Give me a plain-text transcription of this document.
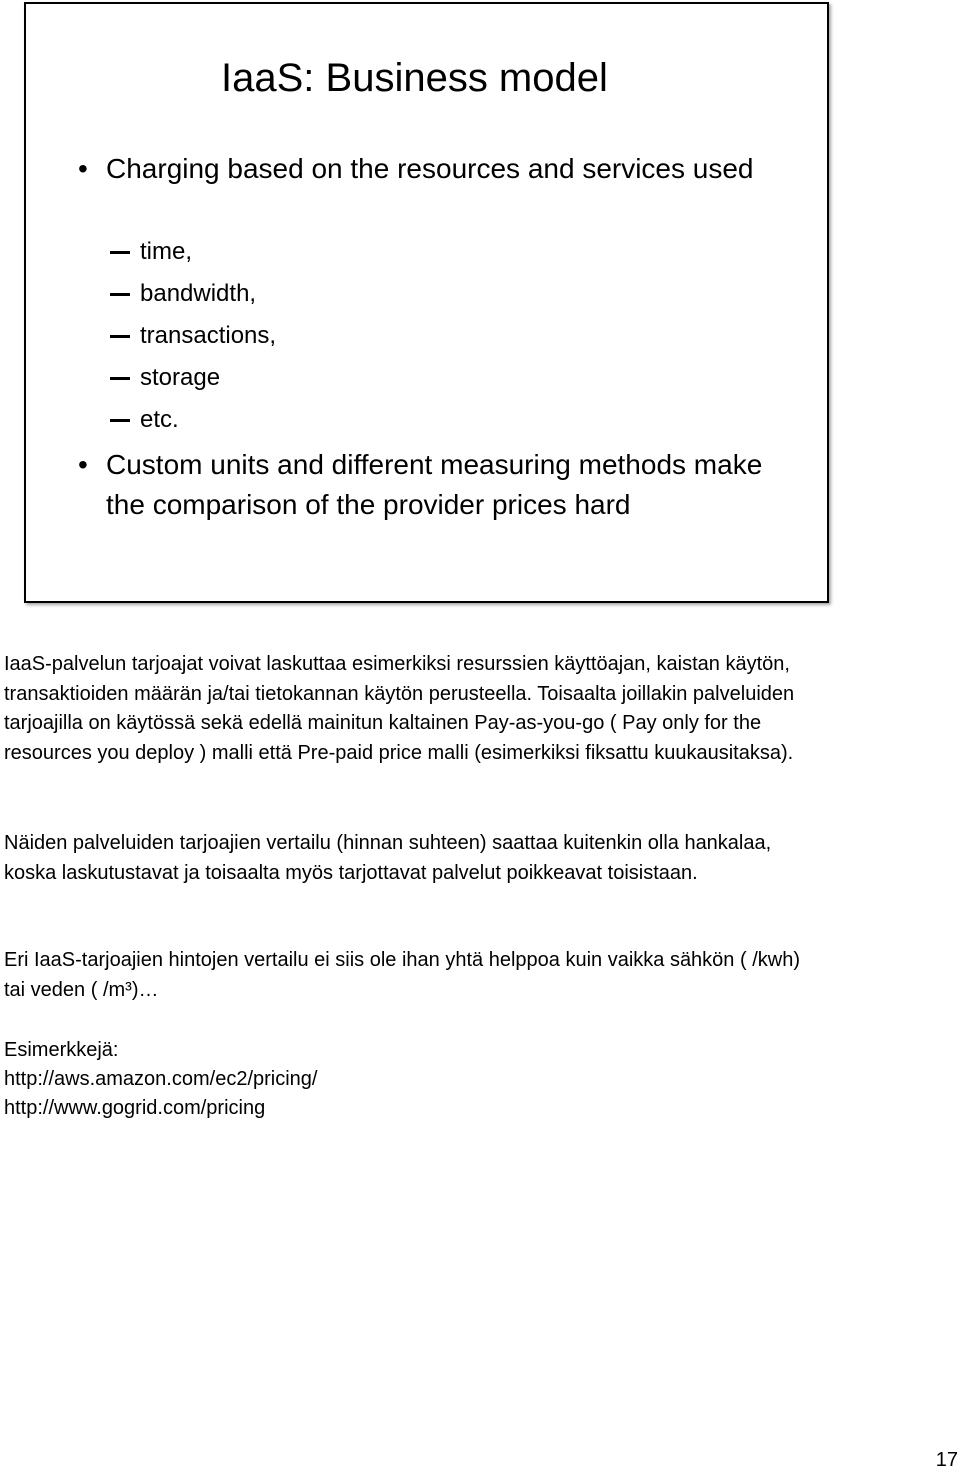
IaaS: Business model
• Charging based on the resources and services used
time,
bandwidth,
transactions,
storage
etc.
• Custom units and different measuring methods make the comparison of the provider prices hard
IaaS-palvelun tarjoajat voivat laskuttaa esimerkiksi resurssien käyttöajan, kaistan käytön, transaktioiden määrän ja/tai tietokannan käytön perusteella. Toisaalta joillakin palveluiden tarjoajilla on käytössä sekä edellä mainitun kaltainen Pay-as-you-go ( Pay only for the resources you deploy ) malli että Pre-paid price malli (esimerkiksi fiksattu kuukausitaksa).
Näiden palveluiden tarjoajien vertailu (hinnan suhteen) saattaa kuitenkin olla hankalaa, koska laskutustavat ja toisaalta myös tarjottavat palvelut poikkeavat toisistaan.
Eri IaaS-tarjoajien hintojen vertailu ei siis ole ihan yhtä helppoa kuin vaikka sähkön ( /kwh) tai veden ( /m³)…
Esimerkkejä:
http://aws.amazon.com/ec2/pricing/
http://www.gogrid.com/pricing
17
